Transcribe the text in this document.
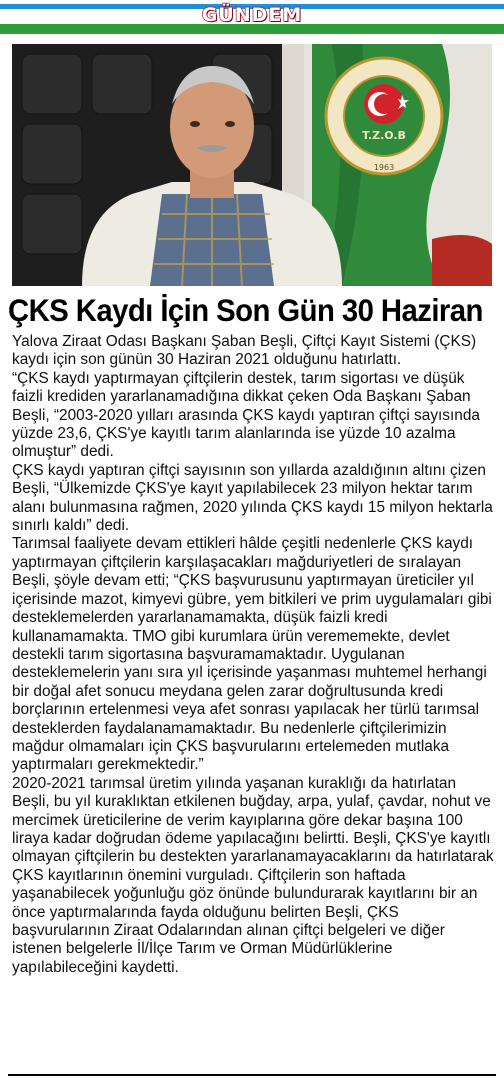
GÜNDEM
T.Z.O.B
1963
ÇKS Kaydı İçin Son Gün 30 Haziran

Yalova Ziraat Odası Başkanı Şaban Beşli, Çiftçi Kayıt Sistemi (ÇKS) kaydı için son günün 30 Haziran 2021 olduğunu hatırlattı.

“ÇKS kaydı yaptırmayan çiftçilerin destek, tarım sigortası ve düşük faizli krediden yararlanamadığına dikkat çeken Oda Başkanı Şaban Beşli, “2003-2020 yılları arasında ÇKS kaydı yaptıran çiftçi sayısında yüzde 23,6, ÇKS'ye kayıtlı tarım alanlarında ise yüzde 10 azalma olmuştur” dedi.

ÇKS kaydı yaptıran çiftçi sayısının son yıllarda azaldığının altını çizen Beşli, “Ülkemizde ÇKS'ye kayıt yapılabilecek 23 milyon hektar tarım alanı bulunmasına rağmen, 2020 yılında ÇKS kaydı 15 milyon hektarla sınırlı kaldı” dedi.

Tarımsal faaliyete devam ettikleri hâlde çeşitli nedenlerle ÇKS kaydı yaptırmayan çiftçilerin karşılaşacakları mağduriyetleri de sıralayan Beşli, şöyle devam etti; “ÇKS başvurusunu yaptırmayan üreticiler yıl içerisinde mazot, kimyevi gübre, yem bitkileri ve prim uygulamaları gibi desteklemelerden yararlanamamakta, düşük faizli kredi kullanamamakta. TMO gibi kurumlara ürün verememekte, devlet destekli tarım sigortasına başvuramamaktadır. Uygulanan desteklemelerin yanı sıra yıl içerisinde yaşanması muhtemel herhangi bir doğal afet sonucu meydana gelen zarar doğrultusunda kredi borçlarının ertelenmesi veya afet sonrası yapılacak her türlü tarımsal desteklerden faydalanamamaktadır. Bu nedenlerle çiftçilerimizin mağdur olmamaları için ÇKS başvurularını ertelemeden mutlaka yaptırmaları gerekmektedir.”

2020-2021 tarımsal üretim yılında yaşanan kuraklığı da hatırlatan Beşli, bu yıl kuraklıktan etkilenen buğday, arpa, yulaf, çavdar, nohut ve mercimek üreticilerine de verim kayıplarına göre dekar başına 100 liraya kadar doğrudan ödeme yapılacağını belirtti. Beşli, ÇKS'ye kayıtlı olmayan çiftçilerin bu destekten yararlanamayacaklarını da hatırlatarak ÇKS kayıtlarının önemini vurguladı. Çiftçilerin son haftada yaşanabilecek yoğunluğu göz önünde bulundurarak kayıtlarını bir an önce yaptırmalarında fayda olduğunu belirten Beşli, ÇKS başvurularının Ziraat Odalarından alınan çiftçi belgeleri ve diğer istenen belgelerle İl/İlçe Tarım ve Orman Müdürlüklerine yapılabileceğini kaydetti.
